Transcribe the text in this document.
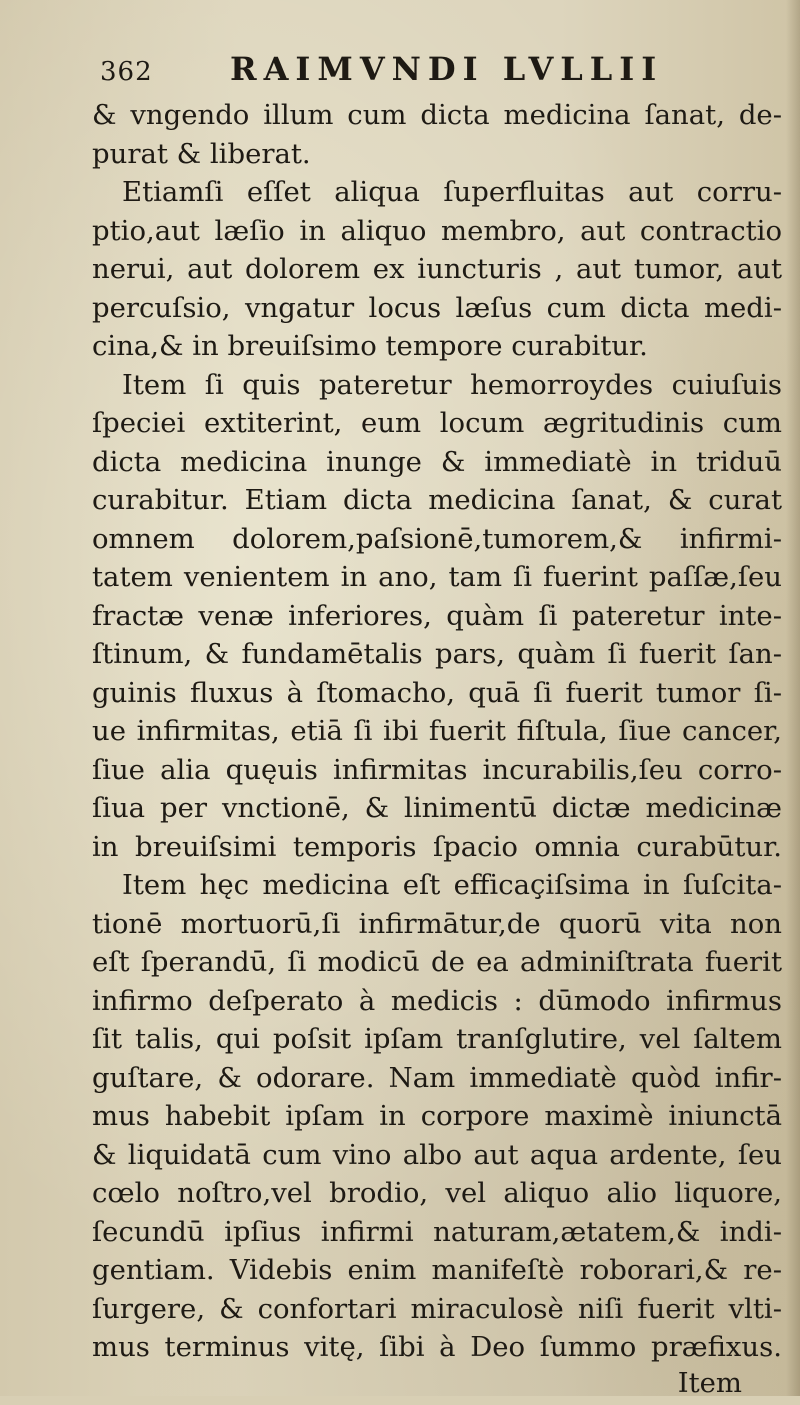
362	RAIMVNDI LVLLII
& vngendo illum cum dicta medicina ſanat, de-
purat & liberat.
Etiamſi eſſet aliqua ſuperfluitas aut corru-
ptio,aut læſio in aliquo membro, aut contractio
nerui, aut dolorem ex iuncturis , aut tumor, aut
percuſsio, vngatur locus læſus cum dicta medi-
cina,& in breuiſsimo tempore curabitur.
Item ſi quis pateretur hemorroydes cuiuſuis
ſpeciei extiterint, eum locum ægritudinis cum
dicta medicina inunge & immediatè in triduū
curabitur. Etiam dicta medicina ſanat, & curat
omnem dolorem,paſsionē,tumorem,& infirmi-
tatem venientem in ano, tam ſi fuerint paſſæ,ſeu
fractæ venæ inferiores, quàm ſi pateretur inte-
ſtinum, & fundamētalis pars, quàm ſi fuerit ſan-
guinis fluxus à ſtomacho, quā ſi fuerit tumor ſi-
ue infirmitas, etiā ſi ibi fuerit fiſtula, ſiue cancer,
ſiue alia quęuis infirmitas incurabilis,ſeu corro-
ſiua per vnctionē, & linimentū dictæ medicinæ
in breuiſsimi temporis ſpacio omnia curabūtur.
Item hęc medicina eſt efficaçiſsima in ſuſcita-
tionē mortuorū,ſi infirmātur,de quorū vita non
eſt ſperandū, ſi modicū de ea adminiſtrata fuerit
infirmo deſperato à medicis : dūmodo infirmus
ſit talis, qui poſsit ipſam tranſglutire, vel ſaltem
guſtare, & odorare. Nam immediatè quòd infir-
mus habebit ipſam in corpore maximè iniunctā
& liquidatā cum vino albo aut aqua ardente, ſeu
cœlo noſtro,vel brodio, vel aliquo alio liquore,
ſecundū ipſius infirmi naturam,ætatem,& indi-
gentiam. Videbis enim manifeſtè roborari,& re-
ſurgere, & confortari miraculosè niſi fuerit vlti-
mus terminus vitę, ſibi à Deo ſummo præfixus.
Item
